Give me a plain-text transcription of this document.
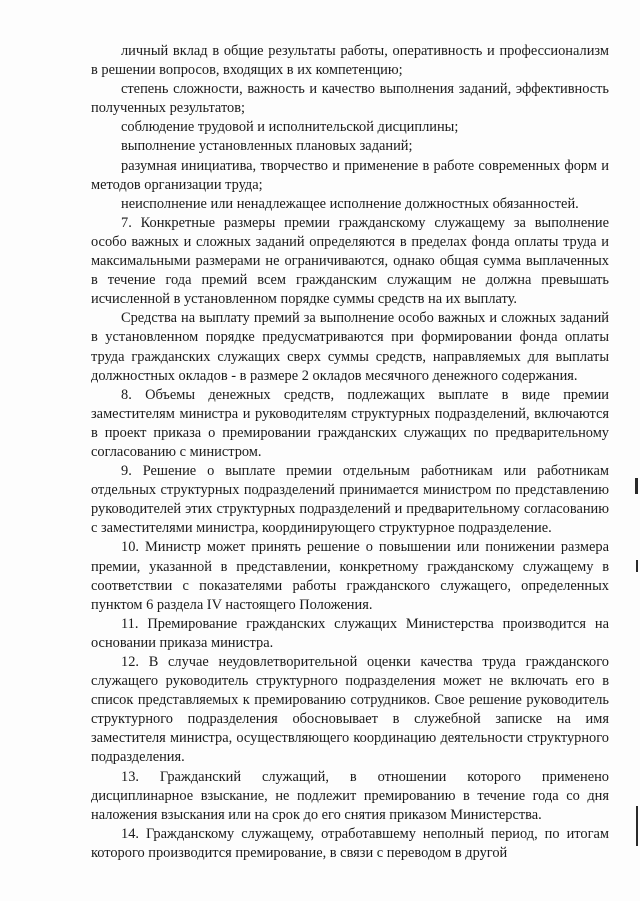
личный вклад в общие результаты работы, оперативность и профессионализм в решении вопросов, входящих в их компетенцию;

степень сложности, важность и качество выполнения заданий, эффективность полученных результатов;

соблюдение трудовой и исполнительской дисциплины;

выполнение установленных плановых заданий;

разумная инициатива, творчество и применение в работе современных форм и методов организации труда;

неисполнение или ненадлежащее исполнение должностных обязанностей.

7. Конкретные размеры премии гражданскому служащему за выполнение особо важных и сложных заданий определяются в пределах фонда оплаты труда и максимальными размерами не ограничиваются, однако общая сумма выплаченных в течение года премий всем гражданским служащим не должна превышать исчисленной в установленном порядке суммы средств на их выплату.

Средства на выплату премий за выполнение особо важных и сложных заданий в установленном порядке предусматриваются при формировании фонда оплаты труда гражданских служащих сверх суммы средств, направляемых для выплаты должностных окладов - в размере 2 окладов месячного денежного содержания.

8. Объемы денежных средств, подлежащих выплате в виде премии заместителям министра и руководителям структурных подразделений, включаются в проект приказа о премировании гражданских служащих по предварительному согласованию с министром.

9. Решение о выплате премии отдельным работникам или работникам отдельных структурных подразделений принимается министром по представлению руководителей этих структурных подразделений и предварительному согласованию с заместителями министра, координирующего структурное подразделение.

10. Министр может принять решение о повышении или понижении размера премии, указанной в представлении, конкретному гражданскому служащему в соответствии с показателями работы гражданского служащего, определенных пунктом 6 раздела IV настоящего Положения.

11. Премирование гражданских служащих Министерства производится на основании приказа министра.

12. В случае неудовлетворительной оценки качества труда гражданского служащего руководитель структурного подразделения может не включать его в список представляемых к премированию сотрудников. Свое решение руководитель структурного подразделения обосновывает в служебной записке на имя заместителя министра, осуществляющего координацию деятельности структурного подразделения.

13. Гражданский служащий, в отношении которого применено дисциплинарное взыскание, не подлежит премированию в течение года со дня наложения взыскания или на срок до его снятия приказом Министерства.

14. Гражданскому служащему, отработавшему неполный период, по итогам которого производится премирование, в связи с переводом в другой
